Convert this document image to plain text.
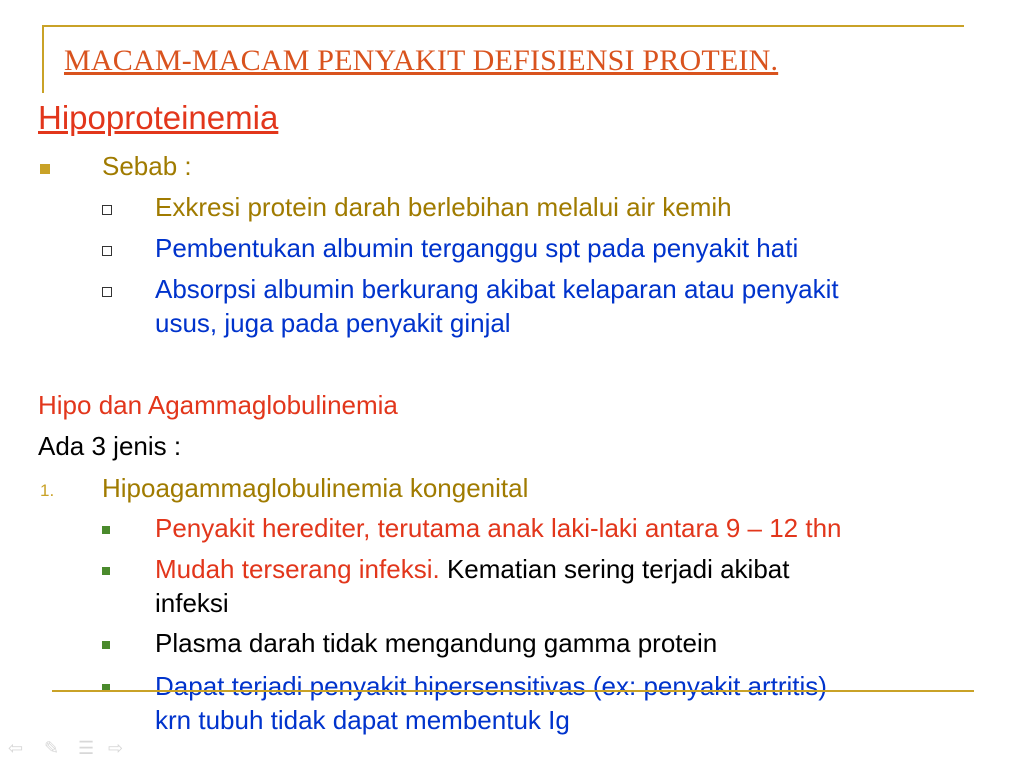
MACAM-MACAM PENYAKIT DEFISIENSI PROTEIN.
Hipoproteinemia
Sebab :
Exkresi protein darah berlebihan melalui air kemih
Pembentukan albumin terganggu spt pada penyakit hati
Absorpsi albumin berkurang akibat kelaparan atau penyakit
usus, juga pada penyakit ginjal
Hipo dan Agammaglobulinemia
Ada 3 jenis :
1. Hipoagammaglobulinemia kongenital
Penyakit herediter, terutama anak laki-laki antara 9 – 12 thn
Mudah terserang infeksi. Kematian sering terjadi akibat
infeksi
Plasma darah tidak mengandung gamma protein
Dapat terjadi penyakit hipersensitivas (ex: penyakit artritis)
krn tubuh tidak dapat membentuk Ig
⇦ ✎ ☰ ⇨
